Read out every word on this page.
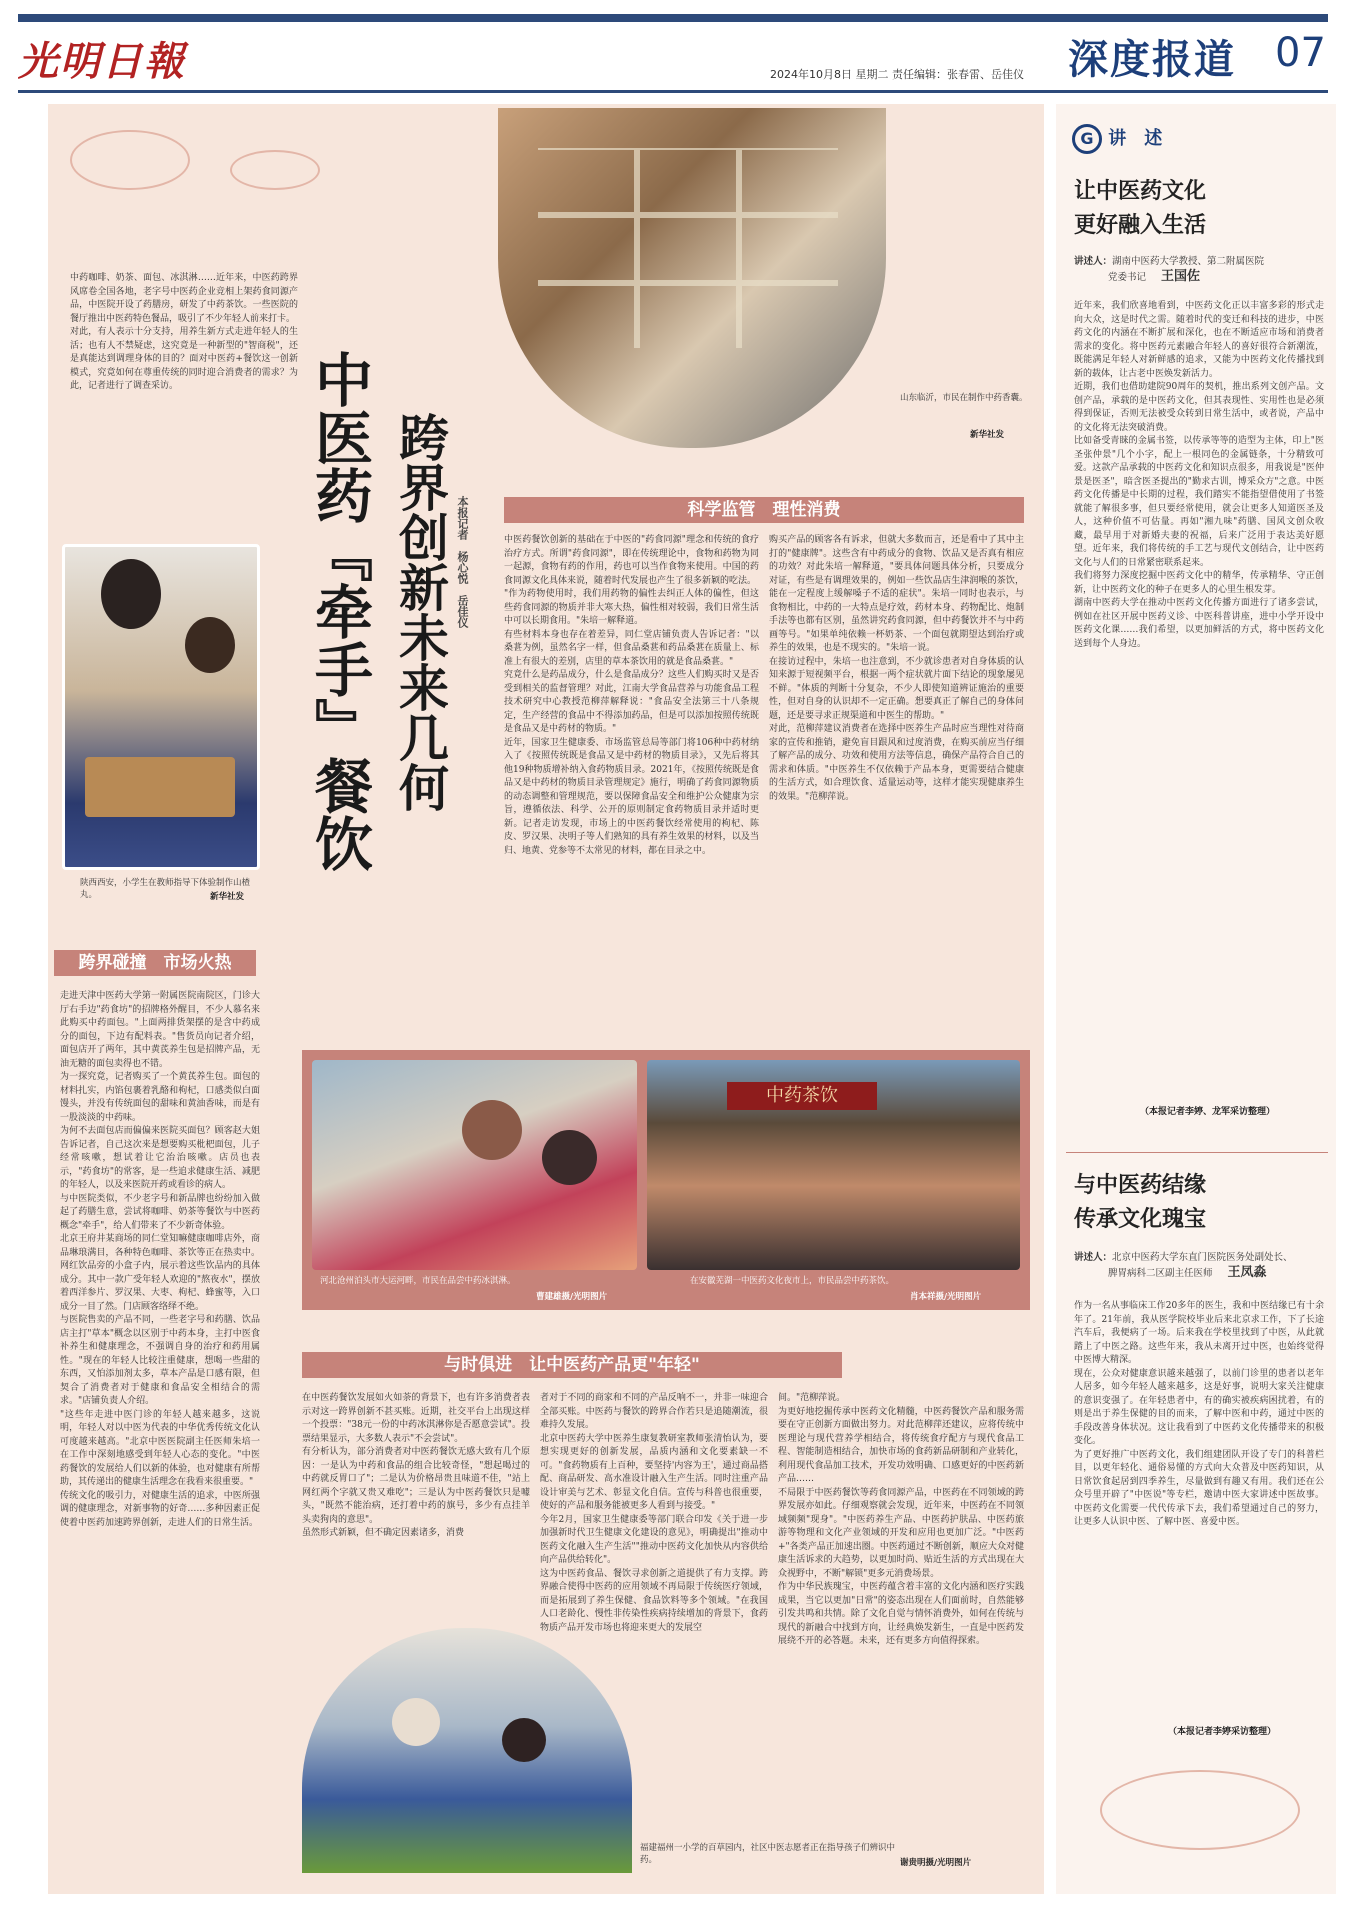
光明日報	2024年10月8日 星期二 责任编辑：张春雷、岳佳仪 深度报道 07
山东临沂，市民在制作中药香囊。
新华社发
中药咖啡、奶茶、面包、冰淇淋……近年来，中医药跨界风席卷全国各地，老字号中医药企业竞相上架药食同源产品，中医院开设了药膳房，研发了中药茶饮。一些医院的餐厅推出中医药特色餐品，吸引了不少年轻人前来打卡。
对此，有人表示十分支持，用养生新方式走进年轻人的生活；也有人不禁疑虑，这究竟是一种新型的"智商税"，还是真能达到调理身体的目的？面对中医药+餐饮这一创新模式，究竟如何在尊重传统的同时迎合消费者的需求？为此，记者进行了调查采访。
跨界创新未来几何
中医药『牵手』餐饮	本报记者　杨心悦　岳佳仪
陕西西安，小学生在教师指导下体验制作山楂丸。	新华社发
跨界碰撞　市场火热
走进天津中医药大学第一附属医院南院区，门诊大厅右手边"药食坊"的招牌格外醒目，不少人慕名来此购买中药面包。"上面两排货架摆的是含中药成分的面包，下边有配料表。"售货员向记者介绍，面包店开了两年，其中黄芪养生包是招牌产品，无油无糖的面包卖得也不错。
为一探究竟，记者购买了一个黄芪养生包。面包的材料扎实，内馅包裹着乳酪和枸杞，口感类似白面馒头，并没有传统面包的甜味和黄油香味，而是有一股淡淡的中药味。
为何不去面包店而偏偏来医院买面包？顾客赵大姐告诉记者，自己这次来是想要购买枇杷面包，儿子经常咳嗽，想试着让它治治咳嗽。店员也表示，"药食坊"的常客，是一些追求健康生活、减肥的年轻人，以及来医院开药或看诊的病人。
与中医院类似，不少老字号和新品牌也纷纷加入做起了药膳生意，尝试将咖啡、奶茶等餐饮与中医药概念"牵手"，给人们带来了不少新奇体验。
北京王府井某商场的同仁堂知嘛健康咖啡店外，商品琳琅满目，各种特色咖啡、茶饮等正在热卖中。网红饮品旁的小盒子内，展示着这些饮品内的具体成分。其中一款广受年轻人欢迎的"熬夜水"，摆放着西洋参片、罗汉果、大枣、枸杞、蜂蜜等，入口成分一目了然。门店顾客络绎不绝。
与医院售卖的产品不同，一些老字号和药膳、饮品店主打"草本"概念以区别于中药本身，主打中医食补养生和健康理念，不强调自身的治疗和药用属性。"现在的年轻人比较注重健康，想喝一些甜的东西，又怕添加剂太多，草本产品是口感有限，但契合了消费者对于健康和食品安全相结合的需求。"店铺负责人介绍。
"这些年走进中医门诊的年轻人越来越多，这说明，年轻人对以中医为代表的中华优秀传统文化认可度越来越高。"北京中医医院副主任医师朱培一在工作中深刻地感受到年轻人心态的变化。"中医药餐饮的发展给人们以新的体验，也对健康有所帮助，其传递出的健康生活理念在我看来很重要。"
传统文化的吸引力，对健康生活的追求，中医所强调的健康理念，对新事物的好奇……多种因素正促使着中医药加速跨界创新，走进人们的日常生活。
科学监管　理性消费
中医药餐饮创新的基础在于中医的"药食同源"理念和传统的食疗治疗方式。所谓"药食同源"，即在传统理论中，食物和药物为同一起源，食物有药的作用，药也可以当作食物来使用。中国的药食同源文化具体来说，随着时代发展也产生了很多新颖的吃法。
"作为药物使用时，我们用药物的偏性去纠正人体的偏性，但这些药食同源的物质并非大寒大热，偏性相对较弱，我们日常生活中可以长期食用。"朱培一解释道。
有些材料本身也存在着差异，同仁堂店铺负责人告诉记者："以桑葚为例，虽然名字一样，但食品桑葚和药品桑葚在质量上、标准上有很大的差别，店里的草本茶饮用的就是食品桑葚。"
究竟什么是药品成分，什么是食品成分？这些人们购买时又是否受到相关的监督管理？对此，江南大学食品营养与功能食品工程技术研究中心教授范柳萍解释说："食品安全法第三十八条规定，生产经营的食品中不得添加药品，但是可以添加按照传统既是食品又是中药材的物质。"
近年，国家卫生健康委、市场监管总局等部门将106种中药材纳入了《按照传统既是食品又是中药材的物质目录》，又先后将其他19种物质增补纳入食药物质目录。2021年，《按照传统既是食品又是中药材的物质目录管理规定》施行，明确了药食同源物质的动态调整和管理规范，要以保障食品安全和维护公众健康为宗旨，遵循依法、科学、公开的原则制定食药物质目录并适时更新。记者走访发现，市场上的中医药餐饮经常使用的枸杞、陈皮、罗汉果、决明子等人们熟知的具有养生效果的材料，以及当归、地黄、党参等不太常见的材料，都在目录之中。
购买产品的顾客各有诉求，但就大多数而言，还是看中了其中主打的"健康牌"。这些含有中药成分的食物、饮品又是否真有相应的功效？对此朱培一解释道，"要具体问题具体分析，只要成分对证，有些是有调理效果的，例如一些饮品店生津润喉的茶饮，能在一定程度上缓解嗓子不适的症状"。朱培一同时也表示，与食物相比，中药的一大特点是疗效，药材本身、药物配比、炮制手法等也都有区别，虽然讲究药食同源，但中药餐饮并不与中药画等号。"如果单纯依赖一杯奶茶、一个面包就期望达到治疗或养生的效果，也是不现实的。"朱培一说。
在接访过程中，朱培一也注意到，不少就诊患者对自身体质的认知来源于短视频平台，根据一两个症状就片面下结论的现象屡见不鲜。"体质的判断十分复杂，不少人即使知道辨证施治的重要性，但对自身的认识却不一定正确。想要真正了解自己的身体问题，还是要寻求正规渠道和中医生的帮助。"
对此，范柳萍建议消费者在选择中医养生产品时应当理性对待商家的宣传和推销，避免盲目跟风和过度消费，在购买前应当仔细了解产品的成分、功效和使用方法等信息，确保产品符合自己的需求和体质。"中医养生不仅依赖于产品本身，更需要结合健康的生活方式，如合理饮食、适量运动等，这样才能实现健康养生的效果。"范柳萍说。
中药茶饮
河北沧州泊头市大运河畔，市民在品尝中药冰淇淋。
曹建雄摄/光明图片
在安徽芜湖一中医药文化夜市上，市民品尝中药茶饮。
肖本祥摄/光明图片
与时俱进　让中医药产品更"年轻"
在中医药餐饮发展如火如荼的背景下，也有许多消费者表示对这一跨界创新不甚买账。近期，社交平台上出现这样一个投票："38元一份的中药冰淇淋你是否愿意尝试"。投票结果显示，大多数人表示"不会尝试"。
有分析认为，部分消费者对中医药餐饮无感大致有几个原因：一是认为中药和食品的组合比较奇怪，"想起喝过的中药就反胃口了"；二是认为价格昂贵且味道不佳，"站上网红两个字就又贵又难吃"；三是认为中医药餐饮只是噱头，"既然不能治病，还打着中药的旗号，多少有点挂羊头卖狗肉的意思"。
虽然形式新颖，但不确定因素诸多，消费
者对于不同的商家和不同的产品反响不一，并非一味迎合全部买账。中医药与餐饮的跨界合作若只是追随潮流，很难持久发展。
北京中医药大学中医养生康复教研室教师张清怡认为，要想实现更好的创新发展，品质内涵和文化要素缺一不可。"食药物质有上百种，要坚持'内容为王'，通过商品搭配、商品研发、高水准设计融入生产生活。同时注重产品设计审美与艺术、彰显文化自信。宣传与科普也很重要，使好的产品和服务能被更多人看到与接受。"
今年2月，国家卫生健康委等部门联合印发《关于进一步加强新时代卫生健康文化建设的意见》，明确提出"推动中医药文化融入生产生活""推动中医药文化加快从内容供给向产品供给转化"。
这为中医药食品、餐饮寻求创新之道提供了有力支撑。跨界融合使得中医药的应用领域不再局限于传统医疗领域，而是拓展到了养生保健、食品饮料等多个领域。"在我国人口老龄化、慢性非传染性疾病持续增加的背景下，食药物质产品开发市场也将迎来更大的发展空
间。"范柳萍说。
为更好地挖掘传承中医药文化精髓，中医药餐饮产品和服务需要在守正创新方面做出努力。对此范柳萍还建议，应将传统中医理论与现代营养学相结合，将传统食疗配方与现代食品工程、智能制造相结合，加快市场的食药新品研制和产业转化，利用现代食品加工技术，开发功效明确、口感更好的中医药新产品……
不局限于中医药餐饮等药食同源产品，中医药在不同领域的跨界发展亦如此。仔细观察就会发现，近年来，中医药在不同领域频频"现身"。"中医药养生产品、中医药护肤品、中医药旅游等物理和文化产业领域的开发和应用也更加广泛。"中医药+"各类产品正加速出圈。中医药通过不断创新，顺应大众对健康生活诉求的大趋势，以更加时尚、贴近生活的方式出现在大众视野中，不断"解锁"更多元消费场景。
作为中华民族瑰宝，中医药蕴含着丰富的文化内涵和医疗实践成果，当它以更加"日常"的姿态出现在人们面前时，自然能够引发共鸣和共情。除了文化自觉与情怀消费外，如何在传统与现代的新融合中找到方向，让经典焕发新生，一直是中医药发展绕不开的必答题。未来，还有更多方向值得探索。
福建福州一小学的百草园内，社区中医志愿者正在指导孩子们辨识中药。	谢贵明摄/光明图片
G 讲　述
让中医药文化
更好融入生活
讲述人：湖南中医药大学教授、第二附属医院
党委书记 王国佐
近年来，我们欣喜地看到，中医药文化正以丰富多彩的形式走向大众，这是时代之需。随着时代的变迁和科技的进步，中医药文化的内涵在不断扩展和深化，也在不断适应市场和消费者需求的变化。将中医药元素融合年轻人的喜好很符合新潮流，既能满足年轻人对新鲜感的追求，又能为中医药文化传播找到新的载体，让古老中医焕发新活力。
近期，我们也借助建院90周年的契机，推出系列文创产品。文创产品，承载的是中医药文化，但其表现性、实用性也是必须得到保证，否则无法被受众转到日常生活中，或者说，产品中的文化将无法突破消费。
比如备受青睐的金属书签，以传承等等的造型为主体，印上"医圣张仲景"几个小字，配上一根同色的金属链条，十分精致可爱。这款产品承载的中医药文化和知识点很多，用我说是"医仲景是医圣"，暗含医圣提出的"勤求古训，博采众方"之意。中医药文化传播是中长期的过程，我们踏实不能指望借使用了书签就能了解很多事，但只要经常使用，就会让更多人知道医圣及人，这种价值不可估量。再如"湘九味"药膳、国风文创众收藏，最早用于对新婚夫妻的祝福，后来广泛用于表达美好愿望。近年来，我们将传统的手工艺与现代文创结合，让中医药文化与人们的日常紧密联系起来。
我们将努力深度挖掘中医药文化中的精华，传承精华、守正创新，让中医药文化的种子在更多人的心里生根发芽。
湖南中医药大学在推动中医药文化传播方面进行了诸多尝试，例如在社区开展中医药义诊、中医科普讲座，进中小学开设中医药文化课……我们希望，以更加鲜活的方式，将中医药文化送到每个人身边。
（本报记者李婷、龙军采访整理）
与中医药结缘
传承文化瑰宝
讲述人：北京中医药大学东直门医院医务处副处长、
脾胃病科二区副主任医师 王凤淼
作为一名从事临床工作20多年的医生，我和中医结缘已有十余年了。21年前，我从医学院校毕业后来北京求工作，下了长途汽车后，我便病了一场。后来我在学校里找到了中医，从此就踏上了中医之路。这些年来，我从未离开过中医，也始终觉得中医博大精深。
现在，公众对健康意识越来越强了，以前门诊里的患者以老年人居多，如今年轻人越来越多，这是好事，说明大家关注健康的意识变强了。在年轻患者中，有的确实被疾病困扰着，有的则是出于养生保健的目的而来，了解中医和中药，通过中医的手段改善身体状况。这让我看到了中医药文化传播带来的积极变化。
为了更好推广中医药文化，我们组建团队开设了专门的科普栏目，以更年轻化、通俗易懂的方式向大众普及中医药知识，从日常饮食起居到四季养生，尽量做到有趣又有用。我们还在公众号里开辟了"中医说"等专栏，邀请中医大家讲述中医故事。中医药文化需要一代代传承下去，我们希望通过自己的努力，让更多人认识中医、了解中医、喜爱中医。
（本报记者李婷采访整理）
